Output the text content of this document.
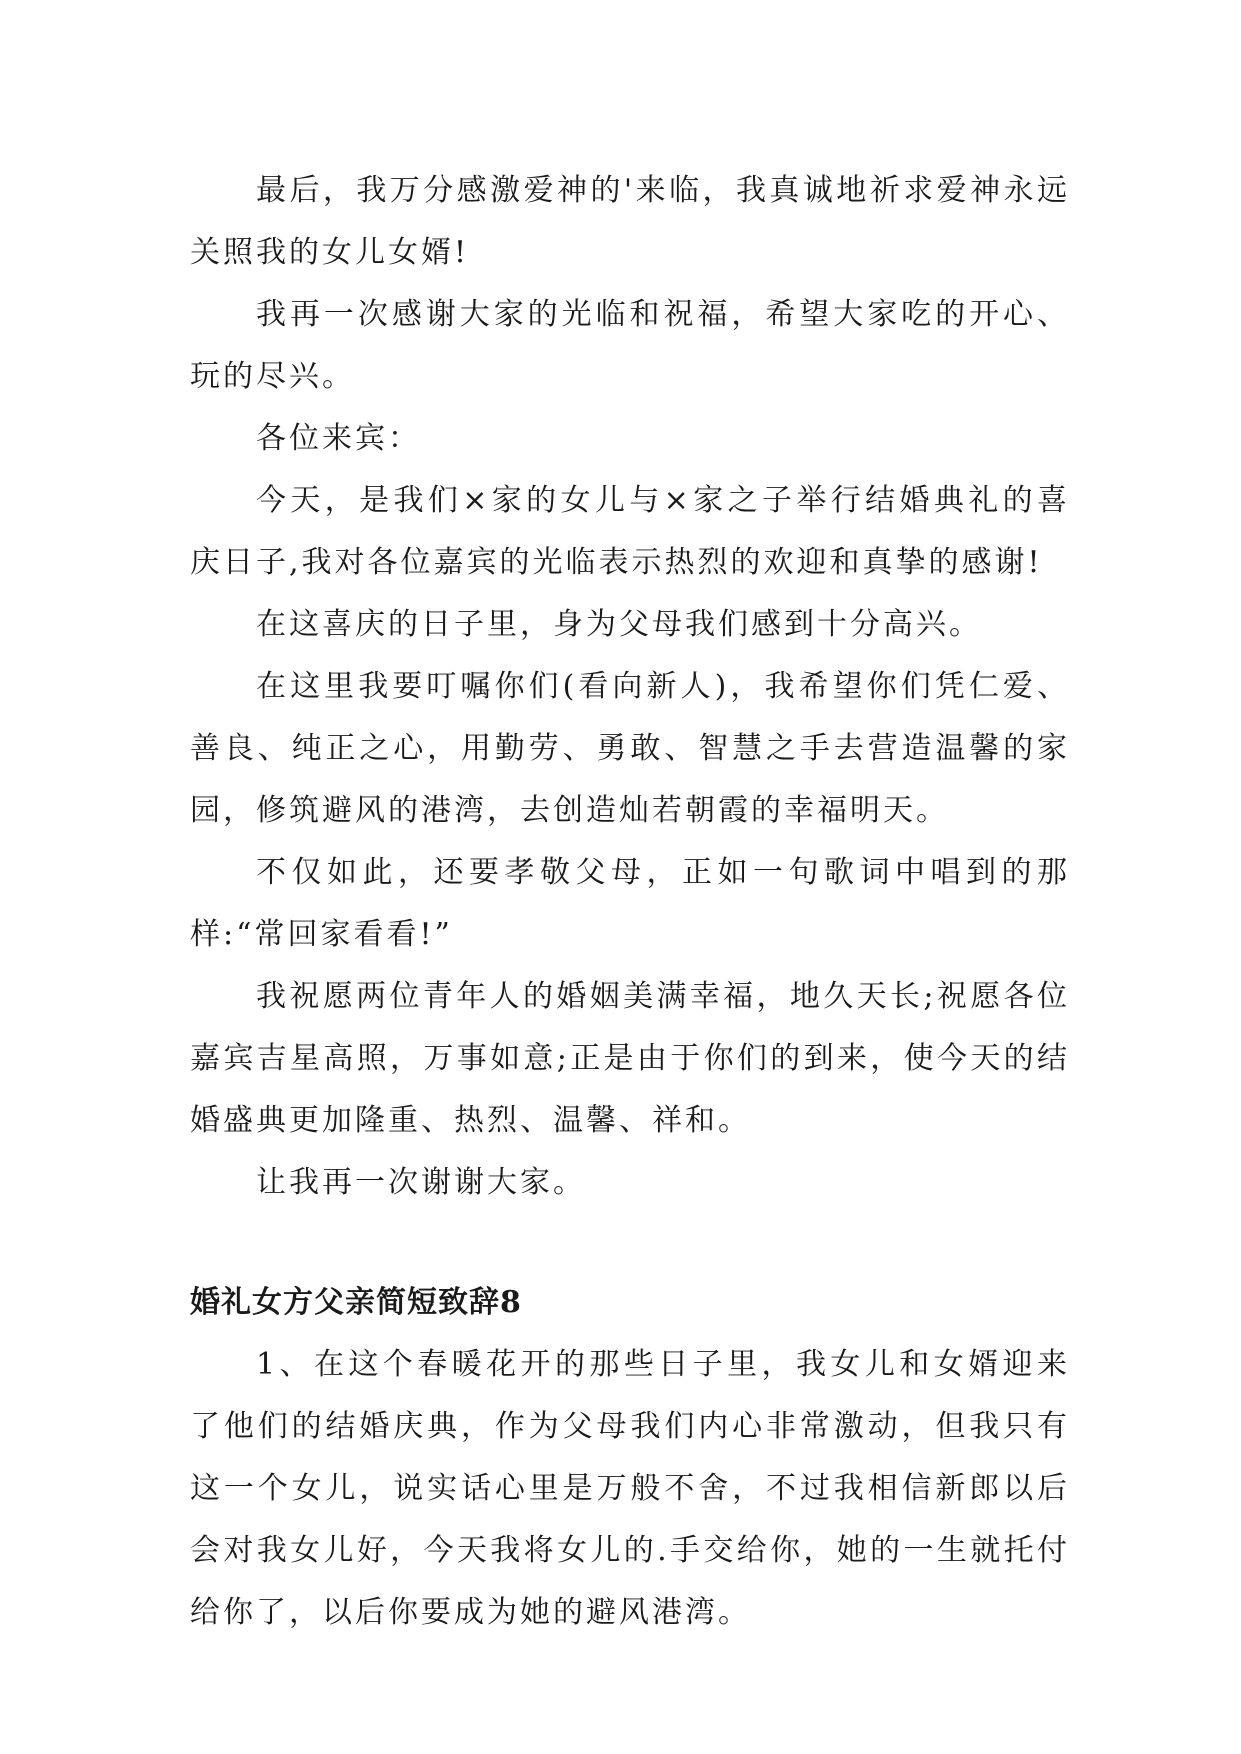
最后，我万分感激爱神的'来临，我真诚地祈求爱神永远关照我的女儿女婿!

我再一次感谢大家的光临和祝福，希望大家吃的开心、玩的尽兴。

各位来宾：

今天，是我们×家的女儿与×家之子举行结婚典礼的喜庆日子,我对各位嘉宾的光临表示热烈的欢迎和真挚的感谢!

在这喜庆的日子里，身为父母我们感到十分高兴。

在这里我要叮嘱你们(看向新人)，我希望你们凭仁爱、善良、纯正之心，用勤劳、勇敢、智慧之手去营造温馨的家园，修筑避风的港湾，去创造灿若朝霞的幸福明天。

不仅如此，还要孝敬父母，正如一句歌词中唱到的那样:“常回家看看!”

我祝愿两位青年人的婚姻美满幸福，地久天长;祝愿各位嘉宾吉星高照，万事如意;正是由于你们的到来，使今天的结婚盛典更加隆重、热烈、温馨、祥和。

让我再一次谢谢大家。

婚礼女方父亲简短致辞8

1、在这个春暖花开的那些日子里，我女儿和女婿迎来了他们的结婚庆典，作为父母我们内心非常激动，但我只有这一个女儿，说实话心里是万般不舍，不过我相信新郎以后会对我女儿好，今天我将女儿的.手交给你，她的一生就托付给你了，以后你要成为她的避风港湾。
